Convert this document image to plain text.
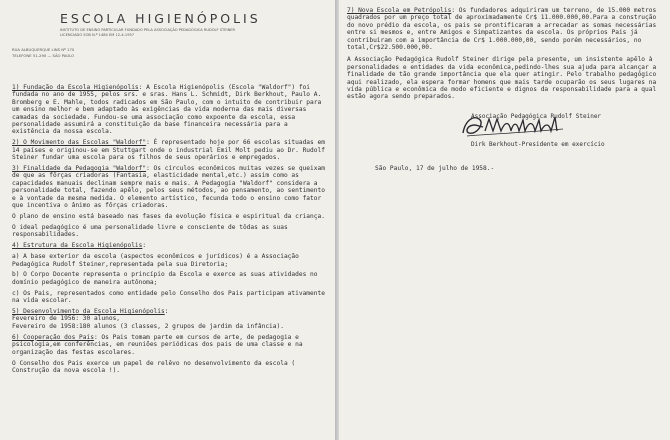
ESCOLA HIGIENÓPOLIS
INSTITUTO DE ENSINO PARTICULAR FUNDADO PELA ASSOCIAÇÃO PEDAGÓGICA RUDOLF STEINER
LICENCIADO SOB N.º 1484 EM 12-4-1957
RUA ALBUQUERQUE LINS Nº 170
TELEFONE 51-290 — SÃO PAULO

1) Fundação da Escola Higienópolis: A Escola Higienópolis (Escola "Waldorf") foi fundada no ano de 1955, pelos srs. e sras. Hans L. Schmidt, Dirk Berkhout, Paulo A. Bromberg e E. Mahle, todos radicados em São Paulo, com o intuito de contribuir para um ensino melhor e bem adaptado às exigências da vida moderna das mais diversas camadas da sociedade. Fundou-se uma associação como expoente da escola, essa personalidade assumirá a constituição da base financeira necessária para a existência da nossa escola.

2) O Movimento das Escolas "Waldorf": É representado hoje por 66 escolas situadas em 14 países e originou-se em Stuttgart onde o industrial Emil Molt pediu ao Dr. Rudolf Steiner fundar uma escola para os filhos de seus operários e empregados.

3) Finalidade da Pedagogia "Waldorf": Os círculos econômicos muitas vezes se queixam de que as fôrças criadoras (Fantasia, elasticidade mental,etc.) assim como as capacidades manuais declinam sempre mais e mais. A Pedagogia "Waldorf" considera a personalidade total, fazendo apêlo, pelos seus métodos, ao pensamento, ao sentimento e à vontade da mesma medida. O elemento artístico, fecunda todo o ensino como fator que incentiva o ânimo as fôrças criadoras.

O plano de ensino está baseado nas fases da evolução física e espiritual da criança.

O ideal pedagógico é uma personalidade livre e consciente de tôdas as suas responsabilidades.

4) Estrutura da Escola Higienópolis:

a) A base exterior da escola (aspectos econômicos e jurídicos) é a Associação Pedagógica Rudolf Steiner,representada pela sua Diretoria;

b) O Corpo Docente representa o princípio da Escola e exerce as suas atividades no domínio pedagógico de maneira autônoma;

c) Os Pais, representados como entidade pelo Conselho dos Pais participam ativamente na vida escolar.

5) Desenvolvimento da Escola Higienópolis:
Fevereiro de 1956: 30 alunos,
Fevereiro de 1958:180 alunos (3 classes, 2 grupos de jardim da infância).

6) Cooperação dos Pais: Os Pais tomam parte em cursos de arte, de pedagogia e psicologia,em conferências, em reuniões periódicas dos pais de uma classe e na organização das festas escolares.

O Conselho dos Pais exerce um papel de relêvo no desenvolvimento da escola ( Construção da nova escola !).

7) Nova Escola em Petrópolis: Os fundadores adquiriram um terreno, de 15.000 metros quadrados por um preço total de aproximadamente Cr$ 11.000.000,00.Para a construção do novo prédio da escola, os pais se prontificaram a arrecadar as somas necessárias entre si mesmos e, entre Amigos e Simpatizantes da escola. Os próprios Pais já contribuiram com a importância de Cr$ 1.000.000,00, sendo porém necessários, no total,Cr$22.500.000,00.

A Associação Pedagógica Rudolf Steiner dirige pela presente, um insistente apêlo à personalidades e entidades da vida econômica,pedindo-lhes sua ajuda para alcançar a finalidade de tão grande importância que ela quer atingir. Pelo trabalho pedagógico aqui realizado, ela espera formar homens que mais tarde ocuparão os seus lugares na vida pública e econômica de modo eficiente e dignos da responsabilidade para a qual estão agora sendo preparados.

Associação Pedagógica Rudolf Steiner
Dirk Berkhout-Presidente em exercício
São Paulo, 17 de julho de 1958.-
